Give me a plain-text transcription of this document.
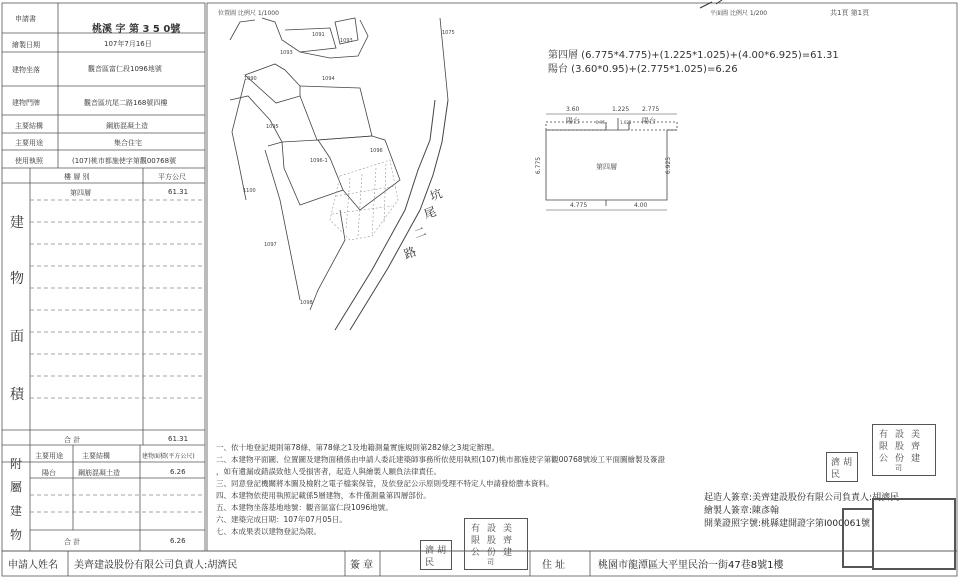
申請書
桃溪 字 第 3 5 0號
繪製日期	107年7月16日
建物坐落	觀音區富仁段1096地號
建物門牌	觀音區坑尾二路168號四樓
主要結構	鋼筋混凝土造
主要用途	集合住宅
使用執照	(107)桃市都施使字第觀00768號
樓 層 別	平方公尺
第四層	61.31
建
物
面
積
合 計	61.31
附
屬
建
物
主要用途	主要結構	建物面積(平方公尺)
陽台	鋼筋混凝土造	6.26
合 計	6.26
位置圖 比例尺 1/1000
1091
1090
1093
1075
1093
1094
1095
1096-1
1096
1100
1097
1098
坑
尾
二
路
平面圖 比例尺 1/200	共1頁 第1頁
第四層 (6.775*4.775)+(1.225*1.025)+(4.00*6.925)=61.31
陽台 (3.60*0.95)+(2.775*1.025)=6.26
3.60	1.225 2.775
陽台	陽台
0.95	1.025
第四層
6.775	6.925
4.775	4.00
一、依十地登記規則第78條、第78條之1及地籍測量實施規則第282條之3規定辦理。
二、本建物平面圖、位置圖及建物面積係由申請人委託建築師事務所依使用執照(107)桃市都施使字第觀00768號竣工平面圖繪製及簽證
，如有遺漏或錯誤致他人受損害者，起造人與繪製人願負法律責任。
三、同意登記機關將本圖及檢附之電子檔案保管，及依登記公示原則受理不特定人申請發給謄本資料。
四、本建物依使用執照記載係5層建物，本件僅測量第四層部份。
五、本建物坐落基地地號：觀音區富仁段1096地號。
六、建築完成日期：107年07月05日。
七、本成果表以建物登記為限。
起造人簽章:美齊建設股份有限公司負責人:胡濟民
繪製人簽章:陳彥翰
開業證照字號:桃縣建開證字第I000061號
美
齊
建
設
股
份
有
限
公
司
胡
濟
民
美
齊
建
設
股
份
有
限
公
司
胡
濟
民
申請人姓名 美齊建設股份有限公司負責人:胡濟民	簽 章	住 址	桃園市龍潭區大平里民治一街47巷8號1樓
